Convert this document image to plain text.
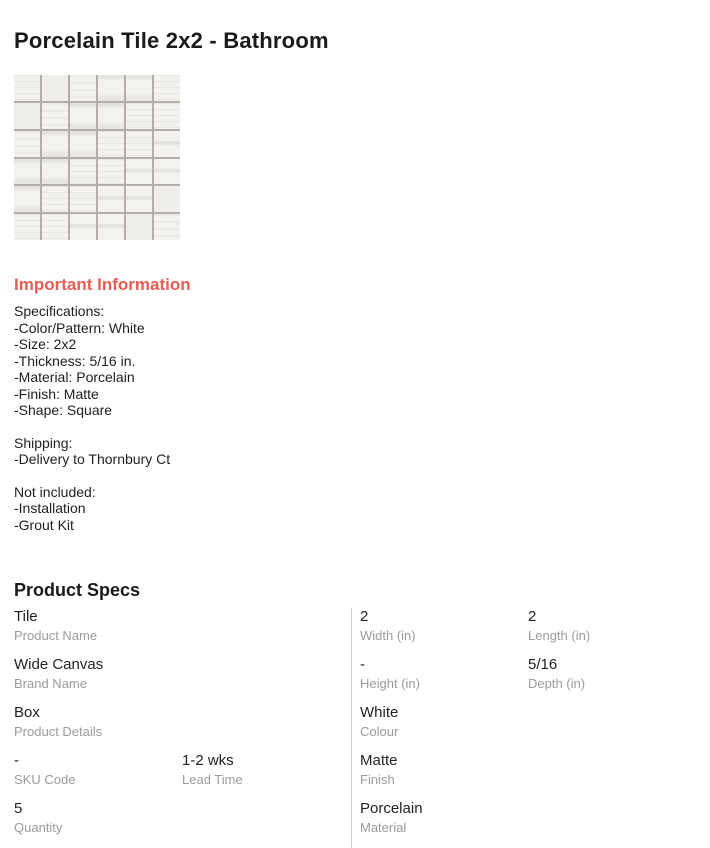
Porcelain Tile 2x2 - Bathroom
Important Information
Specifications:
-Color/Pattern: White
-Size: 2x2
-Thickness: 5/16 in.
-Material: Porcelain
-Finish: Matte
-Shape: Square
Shipping:
-Delivery to Thornbury Ct
Not included:
-Installation
-Grout Kit
Product Specs
Tile
Product Name
Wide Canvas
Brand Name
Box
Product Details
-
SKU Code
1-2 wks
Lead Time
5
Quantity
2
Width (in)
2
Length (in)
-
Height (in)
5/16
Depth (in)
White
Colour
Matte
Finish
Porcelain
Material
